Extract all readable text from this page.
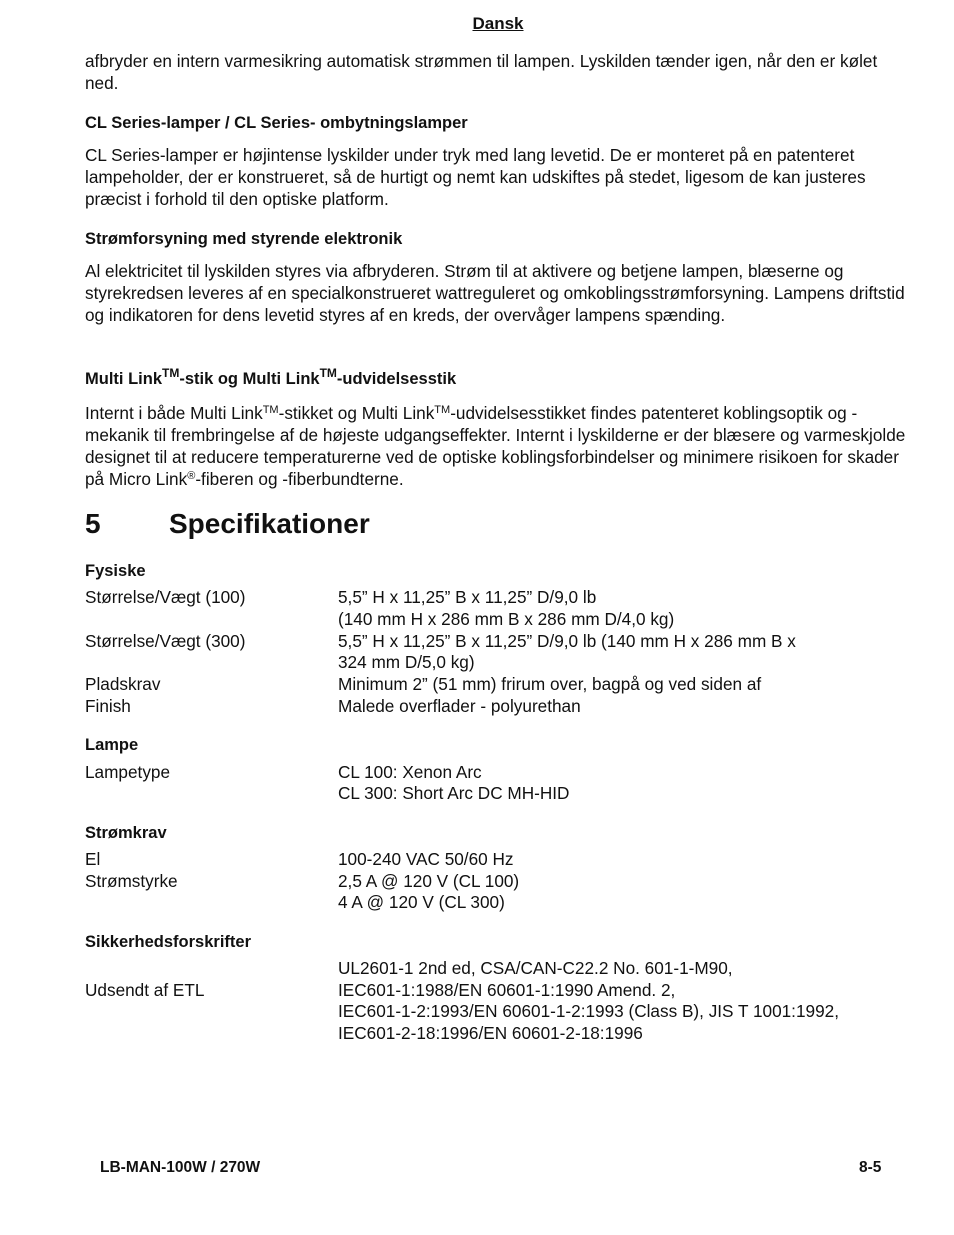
Dansk
afbryder en intern varmesikring automatisk strømmen til lampen. Lyskilden tænder igen, når den er kølet ned.
CL Series-lamper / CL Series- ombytningslamper
CL Series-lamper er højintense lyskilder under tryk med lang levetid. De er monteret på en patenteret lampeholder, der er konstrueret, så de hurtigt og nemt kan udskiftes på stedet, ligesom de kan justeres præcist i forhold til den optiske platform.
Strømforsyning med styrende elektronik
Al elektricitet til lyskilden styres via afbryderen. Strøm til at aktivere og betjene lampen, blæserne og styrekredsen leveres af en specialkonstrueret wattreguleret og omkoblingsstrømforsyning. Lampens driftstid og indikatoren for dens levetid styres af en kreds, der overvåger lampens spænding.
Multi Link™-stik og Multi Link™-udvidelsesstik
Internt i både Multi Link™-stikket og Multi Link™-udvidelsesstikket findes patenteret koblingsoptik og -mekanik til frembringelse af de højeste udgangseffekter. Internt i lyskilderne er der blæsere og varmeskjolde designet til at reducere temperaturerne ved de optiske koblingsforbindelser og minimere risikoen for skader på Micro Link®-fiberen og -fiberbundterne.
5 Specifikationer
Fysiske
Størrelse/Vægt (100)	5,5” H x 11,25” B x 11,25” D/9,0 lb
(140 mm H x 286 mm B x 286 mm D/4,0 kg)
Størrelse/Vægt (300)	5,5” H x 11,25” B x 11,25” D/9,0 lb (140 mm H x 286 mm B x
324 mm D/5,0 kg)
Pladskrav	Minimum 2” (51 mm) frirum over, bagpå og ved siden af
Finish	Malede overflader - polyurethan
Lampe
Lampetype	CL 100: Xenon Arc
CL 300: Short Arc DC MH-HID
Strømkrav
El	100-240 VAC 50/60 Hz
Strømstyrke	2,5 A @ 120 V (CL 100)
4 A @ 120 V (CL 300)
Sikkerhedsforskrifter
UL2601-1 2nd ed, CSA/CAN-C22.2 No. 601-1-M90,
Udsendt af ETL	IEC601-1:1988/EN 60601-1:1990 Amend. 2,
IEC601-1-2:1993/EN 60601-1-2:1993 (Class B), JIS T 1001:1992,
IEC601-2-18:1996/EN 60601-2-18:1996
LB-MAN-100W / 270W	8-5
